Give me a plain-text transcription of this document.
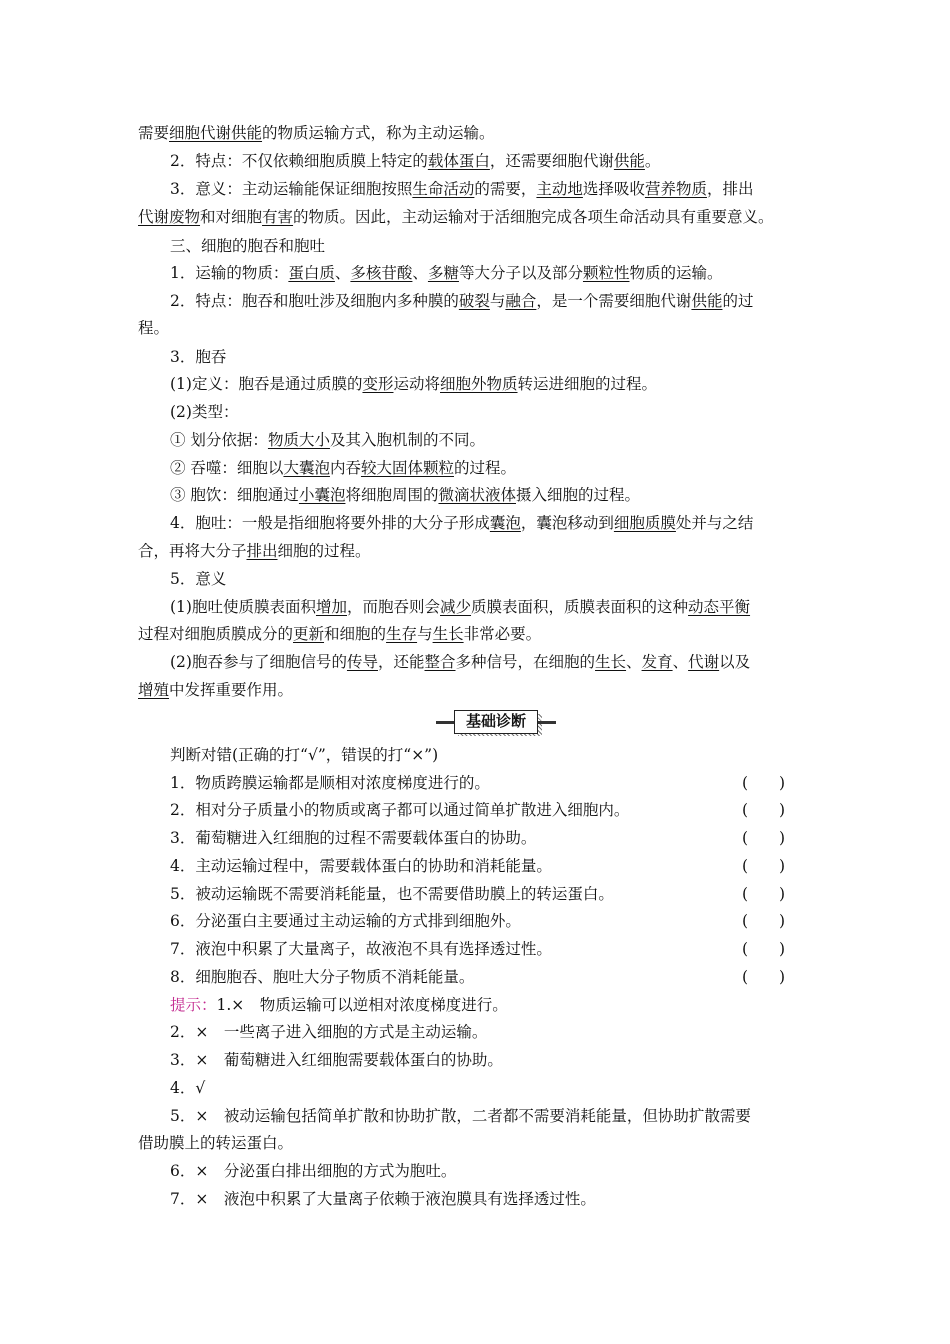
需要细胞代谢供能的物质运输方式，称为主动运输。
2．特点：不仅依赖细胞质膜上特定的载体蛋白，还需要细胞代谢供能。
3．意义：主动运输能保证细胞按照生命活动的需要，主动地选择吸收营养物质，排出
代谢废物和对细胞有害的物质。因此，主动运输对于活细胞完成各项生命活动具有重要意义。
三、细胞的胞吞和胞吐
1．运输的物质：蛋白质、多核苷酸、多糖等大分子以及部分颗粒性物质的运输。
2．特点：胞吞和胞吐涉及细胞内多种膜的破裂与融合，是一个需要细胞代谢供能的过
程。
3．胞吞
(1)定义：胞吞是通过质膜的变形运动将细胞外物质转运进细胞的过程。
(2)类型：
① 划分依据：物质大小及其入胞机制的不同。
② 吞噬：细胞以大囊泡内吞较大固体颗粒的过程。
③ 胞饮：细胞通过小囊泡将细胞周围的微滴状液体摄入细胞的过程。
4．胞吐：一般是指细胞将要外排的大分子形成囊泡，囊泡移动到细胞质膜处并与之结
合，再将大分子排出细胞的过程。
5．意义
(1)胞吐使质膜表面积增加，而胞吞则会减少质膜表面积，质膜表面积的这种动态平衡
过程对细胞质膜成分的更新和细胞的生存与生长非常必要。
(2)胞吞参与了细胞信号的传导，还能整合多种信号，在细胞的生长、发育、代谢以及
增殖中发挥重要作用。
基础诊断
判断对错(正确的打“√”，错误的打“×”)
1．物质跨膜运输都是顺相对浓度梯度进行的。	(　　)
2．相对分子质量小的物质或离子都可以通过简单扩散进入细胞内。	(　　)
3．葡萄糖进入红细胞的过程不需要载体蛋白的协助。	(　　)
4．主动运输过程中，需要载体蛋白的协助和消耗能量。	(　　)
5．被动运输既不需要消耗能量，也不需要借助膜上的转运蛋白。	(　　)
6．分泌蛋白主要通过主动运输的方式排到细胞外。	(　　)
7．液泡中积累了大量离子，故液泡不具有选择透过性。	(　　)
8．细胞胞吞、胞吐大分子物质不消耗能量。	(　　)
提示：1.×　物质运输可以逆相对浓度梯度进行。
2．×　一些离子进入细胞的方式是主动运输。
3．×　葡萄糖进入红细胞需要载体蛋白的协助。
4．√
5．×　被动运输包括简单扩散和协助扩散，二者都不需要消耗能量，但协助扩散需要
借助膜上的转运蛋白。
6．×　分泌蛋白排出细胞的方式为胞吐。
7．×　液泡中积累了大量离子依赖于液泡膜具有选择透过性。
